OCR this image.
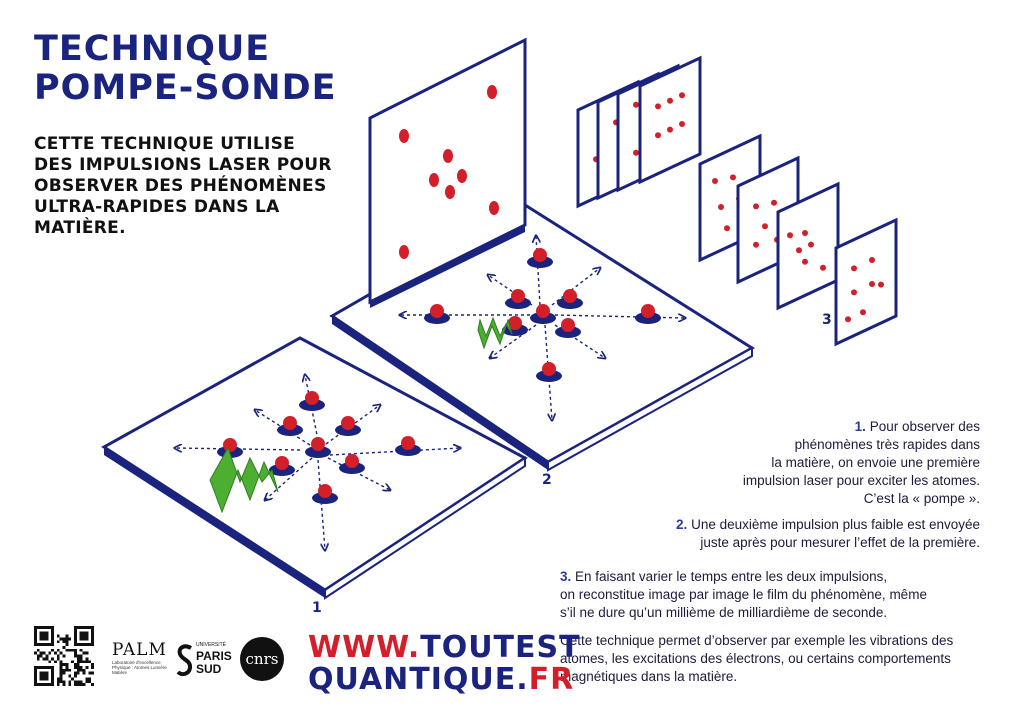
TECHNIQUE
POMPE-SONDE

CETTE TECHNIQUE UTILISE DES IMPULSIONS LASER POUR OBSERVER DES PHÉNOMÈNES ULTRA-RAPIDES DANS LA MATIÈRE.

1
2
3
1. Pour observer des
phénomènes très rapides dans
la matière, on envoie une première
impulsion laser pour exciter les atomes.
C’est la « pompe ».
2. Une deuxième impulsion plus faible est envoyée
juste après pour mesurer l’effet de la première.
3. En faisant varier le temps entre les deux impulsions,
on reconstitue image par image le film du phénomène, même
s’il ne dure qu’un millième de milliardième de seconde.

Cette technique permet d’observer par exemple les vibrations des atomes, les excitations des électrons, ou certains comportements magnétiques dans la matière.

PALM
Laboratoire d'excellence Physique : Atomes Lumière Matière
UNIVERSITÉ
PARIS
SUD
cnrs WWW.TOUTEST
QUANTIQUE.FR
